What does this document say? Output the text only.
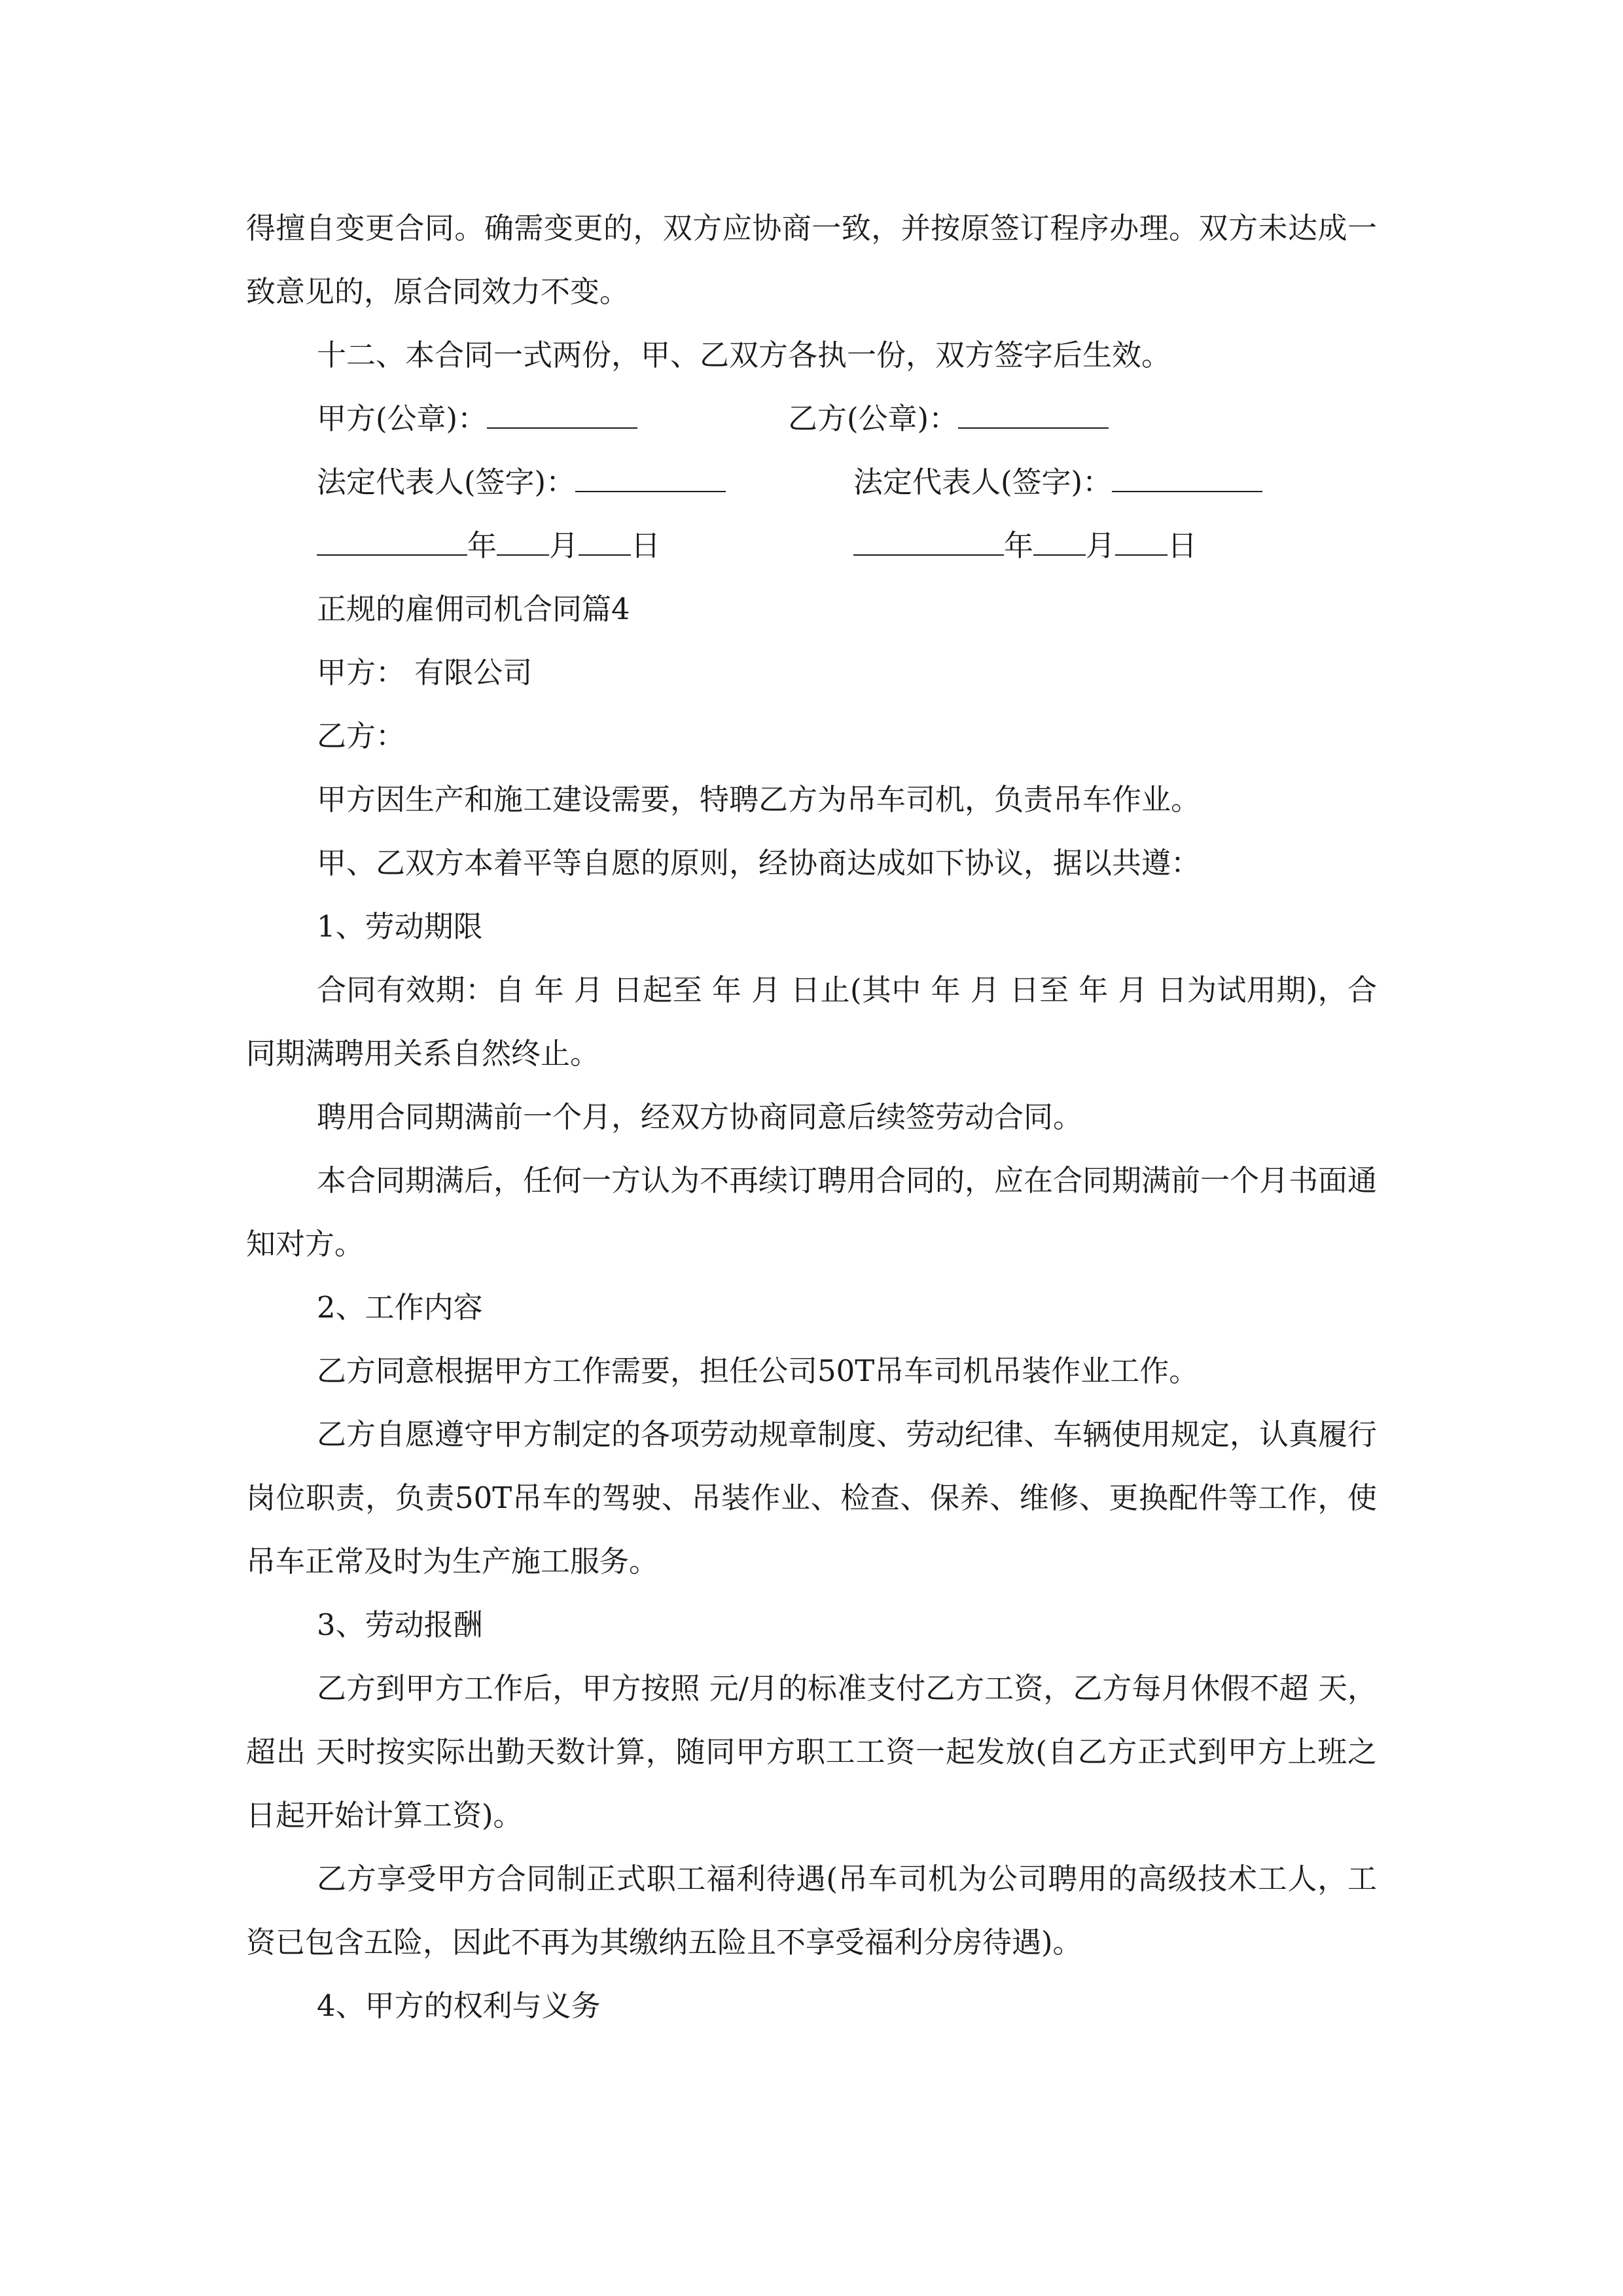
得擅自变更合同。确需变更的，双方应协商一致，并按原签订程序办理。双方未达成一致意见的，原合同效力不变。

十二、本合同一式两份，甲、乙双方各执一份，双方签字后生效。

甲方(公章)：	乙方(公章)：
法定代表人(签字)：	法定代表人(签字)：
年 月 日	年 月 日

正规的雇佣司机合同篇4

甲方： 有限公司

乙方：

甲方因生产和施工建设需要，特聘乙方为吊车司机，负责吊车作业。

甲、乙双方本着平等自愿的原则，经协商达成如下协议，据以共遵：

1、劳动期限

合同有效期：自 年 月 日起至 年 月 日止(其中 年 月 日至 年 月 日为试用期)，合同期满聘用关系自然终止。

聘用合同期满前一个月，经双方协商同意后续签劳动合同。

本合同期满后，任何一方认为不再续订聘用合同的，应在合同期满前一个月书面通知对方。

2、工作内容

乙方同意根据甲方工作需要，担任公司50T吊车司机吊装作业工作。

乙方自愿遵守甲方制定的各项劳动规章制度、劳动纪律、车辆使用规定，认真履行岗位职责，负责50T吊车的驾驶、吊装作业、检查、保养、维修、更换配件等工作，使吊车正常及时为生产施工服务。

3、劳动报酬

乙方到甲方工作后，甲方按照 元/月的标准支付乙方工资，乙方每月休假不超 天，超出 天时按实际出勤天数计算，随同甲方职工工资一起发放(自乙方正式到甲方上班之日起开始计算工资)。

乙方享受甲方合同制正式职工福利待遇(吊车司机为公司聘用的高级技术工人，工资已包含五险，因此不再为其缴纳五险且不享受福利分房待遇)。

4、甲方的权利与义务
